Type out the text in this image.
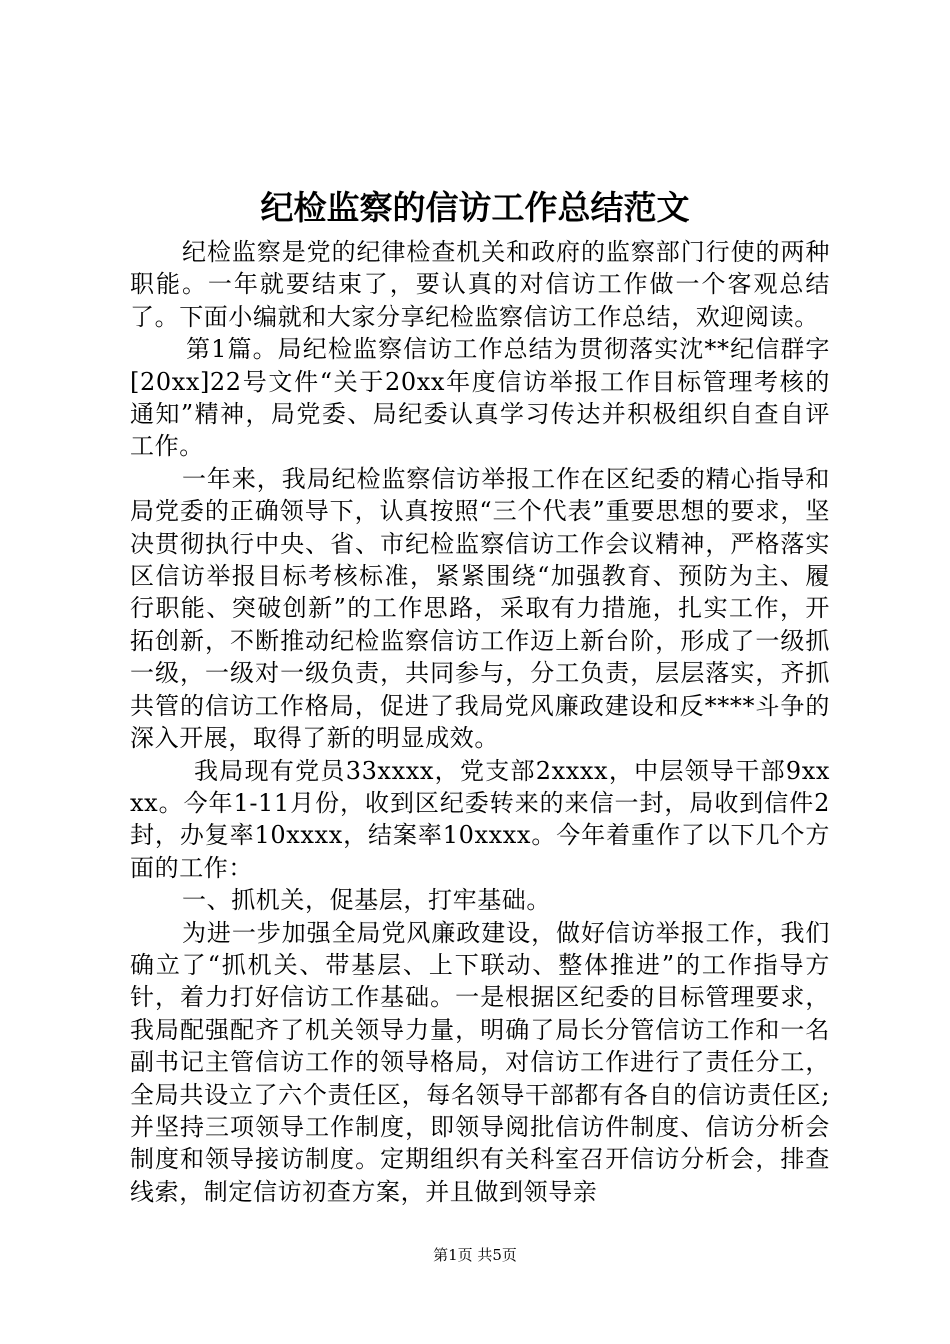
纪检监察的信访工作总结范文

纪检监察是党的纪律检查机关和政府的监察部门行使的两种职能。一年就要结束了，要认真的对信访工作做一个客观总结了。下面小编就和大家分享纪检监察信访工作总结，欢迎阅读。

第1篇。局纪检监察信访工作总结为贯彻落实沈**纪信群字[20xx]22号文件“关于20xx年度信访举报工作目标管理考核的通知”精神，局党委、局纪委认真学习传达并积极组织自查自评工作。

一年来，我局纪检监察信访举报工作在区纪委的精心指导和局党委的正确领导下，认真按照“三个代表”重要思想的要求，坚决贯彻执行中央、省、市纪检监察信访工作会议精神，严格落实区信访举报目标考核标准，紧紧围绕“加强教育、预防为主、履行职能、突破创新”的工作思路，采取有力措施，扎实工作，开拓创新，不断推动纪检监察信访工作迈上新台阶，形成了一级抓一级，一级对一级负责，共同参与，分工负责，层层落实，齐抓共管的信访工作格局，促进了我局党风廉政建设和反****斗争的深入开展，取得了新的明显成效。

我局现有党员33xxxx，党支部2xxxx，中层领导干部9xxxx。今年1-11月份，收到区纪委转来的来信一封，局收到信件2封，办复率10xxxx，结案率10xxxx。今年着重作了以下几个方面的工作：

一、抓机关，促基层，打牢基础。

为进一步加强全局党风廉政建设，做好信访举报工作，我们确立了“抓机关、带基层、上下联动、整体推进”的工作指导方针，着力打好信访工作基础。一是根据区纪委的目标管理要求，我局配强配齐了机关领导力量，明确了局长分管信访工作和一名副书记主管信访工作的领导格局，对信访工作进行了责任分工，全局共设立了六个责任区，每名领导干部都有各自的信访责任区;并坚持三项领导工作制度，即领导阅批信访件制度、信访分析会制度和领导接访制度。定期组织有关科室召开信访分析会，排查线索，制定信访初查方案，并且做到领导亲

第1页 共5页
